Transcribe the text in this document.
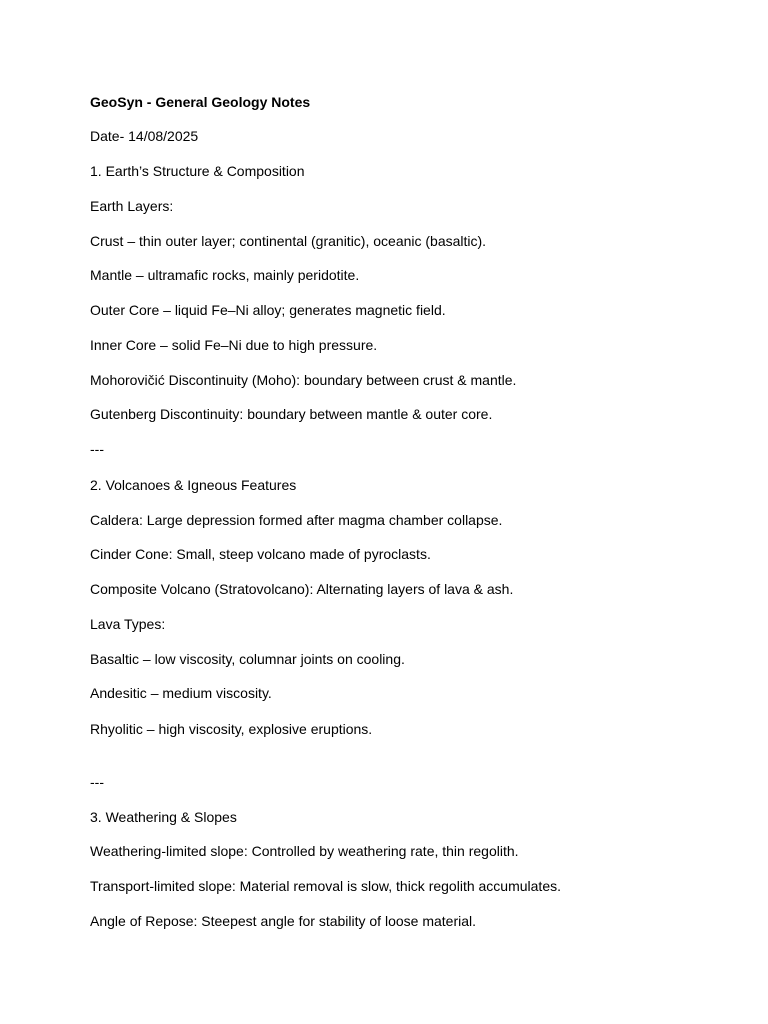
GeoSyn - General Geology Notes
Date- 14/08/2025
1. Earth’s Structure & Composition
Earth Layers:
Crust – thin outer layer; continental (granitic), oceanic (basaltic).
Mantle – ultramafic rocks, mainly peridotite.
Outer Core – liquid Fe–Ni alloy; generates magnetic field.
Inner Core – solid Fe–Ni due to high pressure.
Mohorovičić Discontinuity (Moho): boundary between crust & mantle.
Gutenberg Discontinuity: boundary between mantle & outer core.
---
2. Volcanoes & Igneous Features
Caldera: Large depression formed after magma chamber collapse.
Cinder Cone: Small, steep volcano made of pyroclasts.
Composite Volcano (Stratovolcano): Alternating layers of lava & ash.
Lava Types:
Basaltic – low viscosity, columnar joints on cooling.
Andesitic – medium viscosity.
Rhyolitic – high viscosity, explosive eruptions.
---
3. Weathering & Slopes
Weathering-limited slope: Controlled by weathering rate, thin regolith.
Transport-limited slope: Material removal is slow, thick regolith accumulates.
Angle of Repose: Steepest angle for stability of loose material.
